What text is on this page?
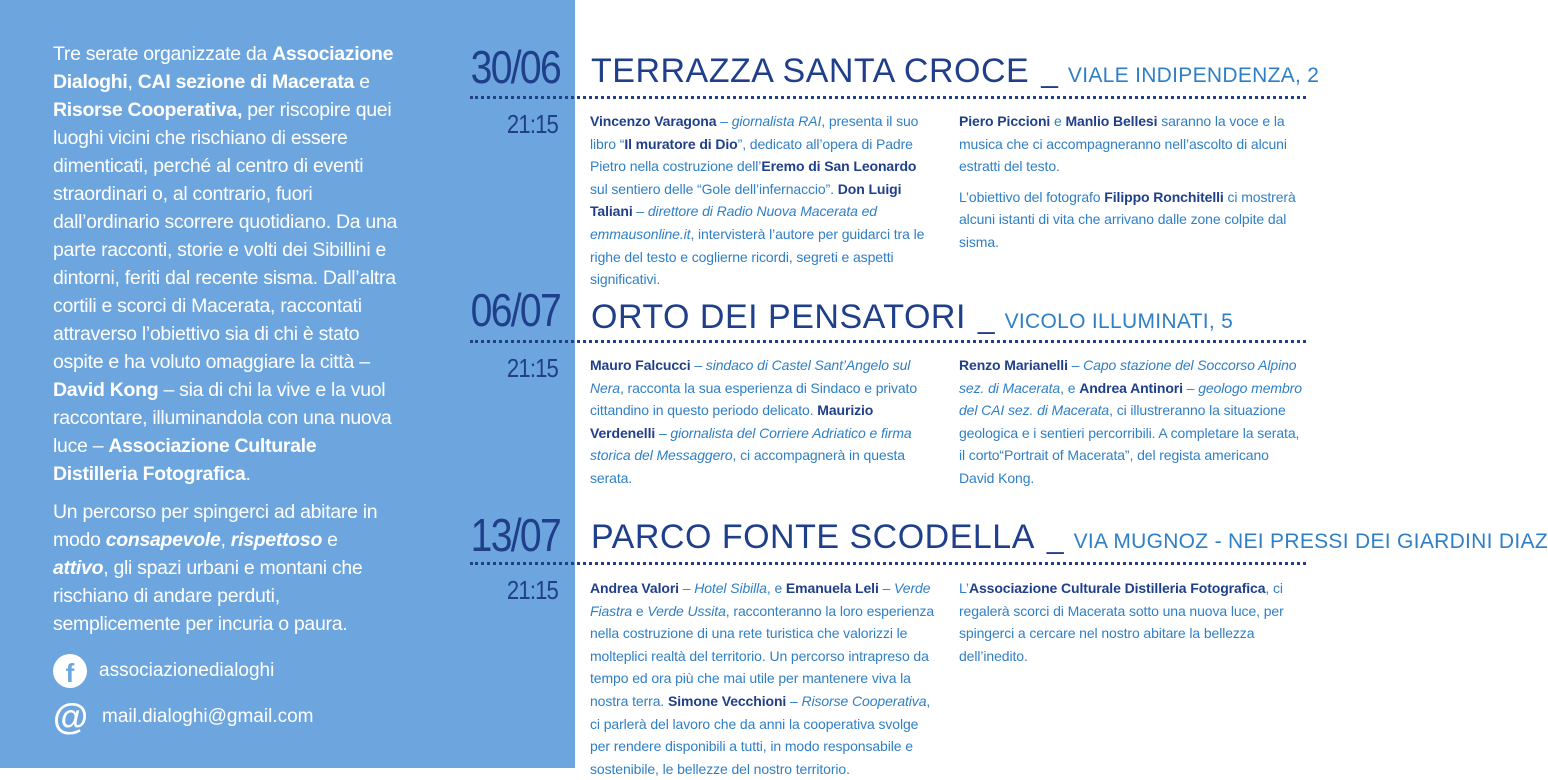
Tre serate organizzate da Associazione Dialoghi, CAI sezione di Macerata e Risorse Cooperativa, per riscopire quei luoghi vicini che rischiano di essere dimenticati, perché al centro di eventi straordinari o, al contrario, fuori dall’ordinario scorrere quotidiano. Da una parte racconti, storie e volti dei Sibillini e dintorni, feriti dal recente sisma. Dall’altra cortili e scorci di Macerata, raccontati attraverso l’obiettivo sia di chi è stato ospite e ha voluto omaggiare la città – David Kong – sia di chi la vive e la vuol raccontare, illuminandola con una nuova luce – Associazione Culturale Distilleria Fotografica.

Un percorso per spingerci ad abitare in modo consapevole, rispettoso e attivo, gli spazi urbani e montani che rischiano di andare perduti, semplicemente per incuria o paura.

f	associazionedialoghi
@ mail.dialoghi@gmail.com
30/06 TERRAZZA SANTA CROCE _ VIALE INDIPENDENZA, 2
21:15 Vincenzo Varagona – giornalista RAI, presenta il suo libro “Il muratore di Dio”, dedicato all’opera di Padre Pietro nella costruzione dell’Eremo di San Leonardo sul sentiero delle “Gole dell’infernaccio”. Don Luigi Taliani – direttore di Radio Nuova Macerata ed emmausonline.it, intervisterà l’autore per guidarci tra le righe del testo e coglierne ricordi, segreti e aspetti significativi.

Piero Piccioni e Manlio Bellesi saranno la voce e la musica che ci accompagneranno nell’ascolto di alcuni estratti del testo.

L’obiettivo del fotografo Filippo Ronchitelli ci mostrerà alcuni istanti di vita che arrivano dalle zone colpite dal sisma.

06/07 ORTO DEI PENSATORI _ VICOLO ILLUMINATI, 5
21:15 Mauro Falcucci – sindaco di Castel Sant’Angelo sul Nera, racconta la sua esperienza di Sindaco e privato cittandino in questo periodo delicato. Maurizio Verdenelli – giornalista del Corriere Adriatico e firma storica del Messaggero, ci accompagnerà in questa serata.

Renzo Marianelli – Capo stazione del Soccorso Alpino sez. di Macerata, e Andrea Antinori – geologo membro del CAI sez. di Macerata, ci illustreranno la situazione geologica e i sentieri percorribili. A completare la serata, il corto“Portrait of Macerata”, del regista americano David Kong.

13/07 PARCO FONTE SCODELLA _ VIA MUGNOZ - NEI PRESSI DEI GIARDINI DIAZ
21:15 Andrea Valori – Hotel Sibilla, e Emanuela Leli – Verde Fiastra e Verde Ussita, racconteranno la loro esperienza nella costruzione di una rete turistica che valorizzi le molteplici realtà del territorio. Un percorso intrapreso da tempo ed ora più che mai utile per mantenere viva la nostra terra. Simone Vecchioni – Risorse Cooperativa, ci parlerà del lavoro che da anni la cooperativa svolge per rendere disponibili a tutti, in modo responsabile e sostenibile, le bellezze del nostro territorio.

L’Associazione Culturale Distilleria Fotografica, ci regalerà scorci di Macerata sotto una nuova luce, per spingerci a cercare nel nostro abitare la bellezza dell’inedito.
